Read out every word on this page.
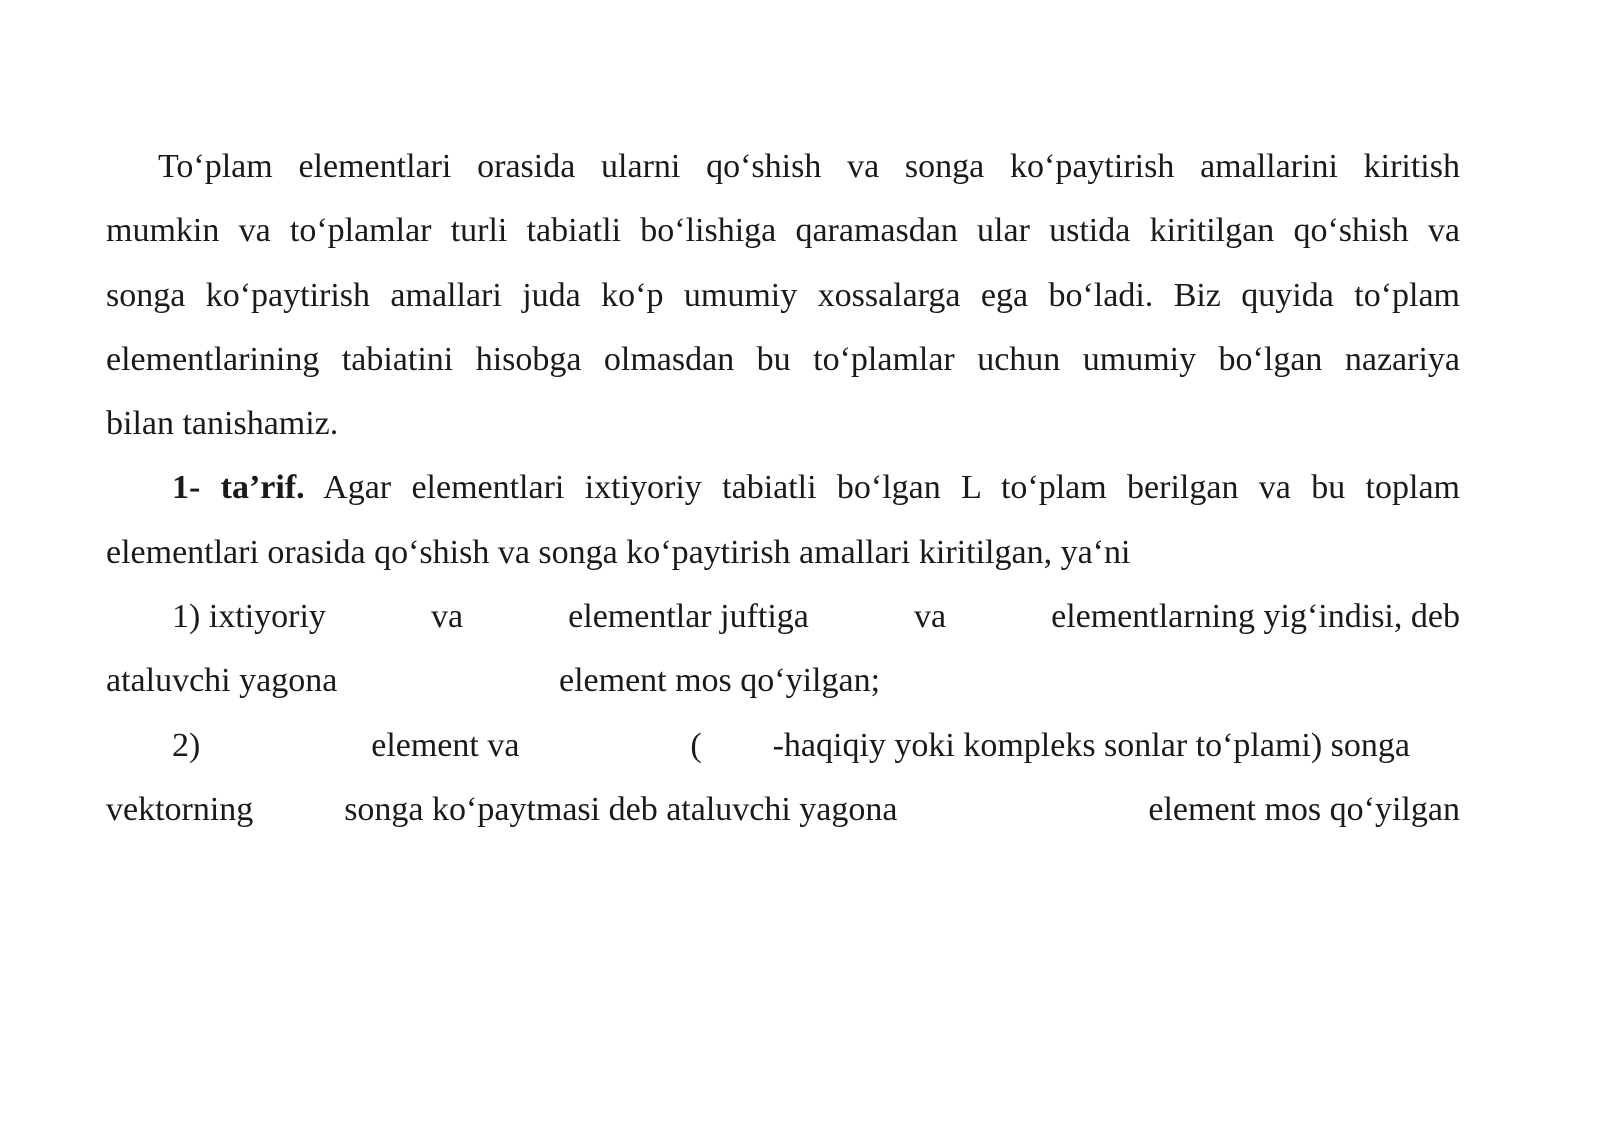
To‘plam elementlari orasida ularni qo‘shish va songa ko‘paytirish amallarini kiritish
mumkin va to‘plamlar turli tabiatli bo‘lishiga qaramasdan ular ustida kiritilgan qo‘shish va
songa ko‘paytirish amallari juda ko‘p umumiy xossalarga ega bo‘ladi. Biz quyida to‘plam
elementlarining tabiatini hisobga olmasdan bu to‘plamlar uchun umumiy bo‘lgan nazariya
bilan tanishamiz.
1- ta’rif. Agar elementlari ixtiyoriy tabiatli bo‘lgan L to‘plam berilgan va bu toplam
elementlari orasida qo‘shish va songa ko‘paytirish amallari kiritilgan, ya‘ni
1) ixtiyoriy	va	elementlar juftiga	va	elementlarning yig‘indisi, deb
ataluvchi yagona	element mos qo‘yilgan;
2)	element va	( -haqiqiy yoki kompleks sonlar to‘plami) songa
vektorning	songa ko‘paytmasi deb ataluvchi yagona	element mos qo‘yilgan
